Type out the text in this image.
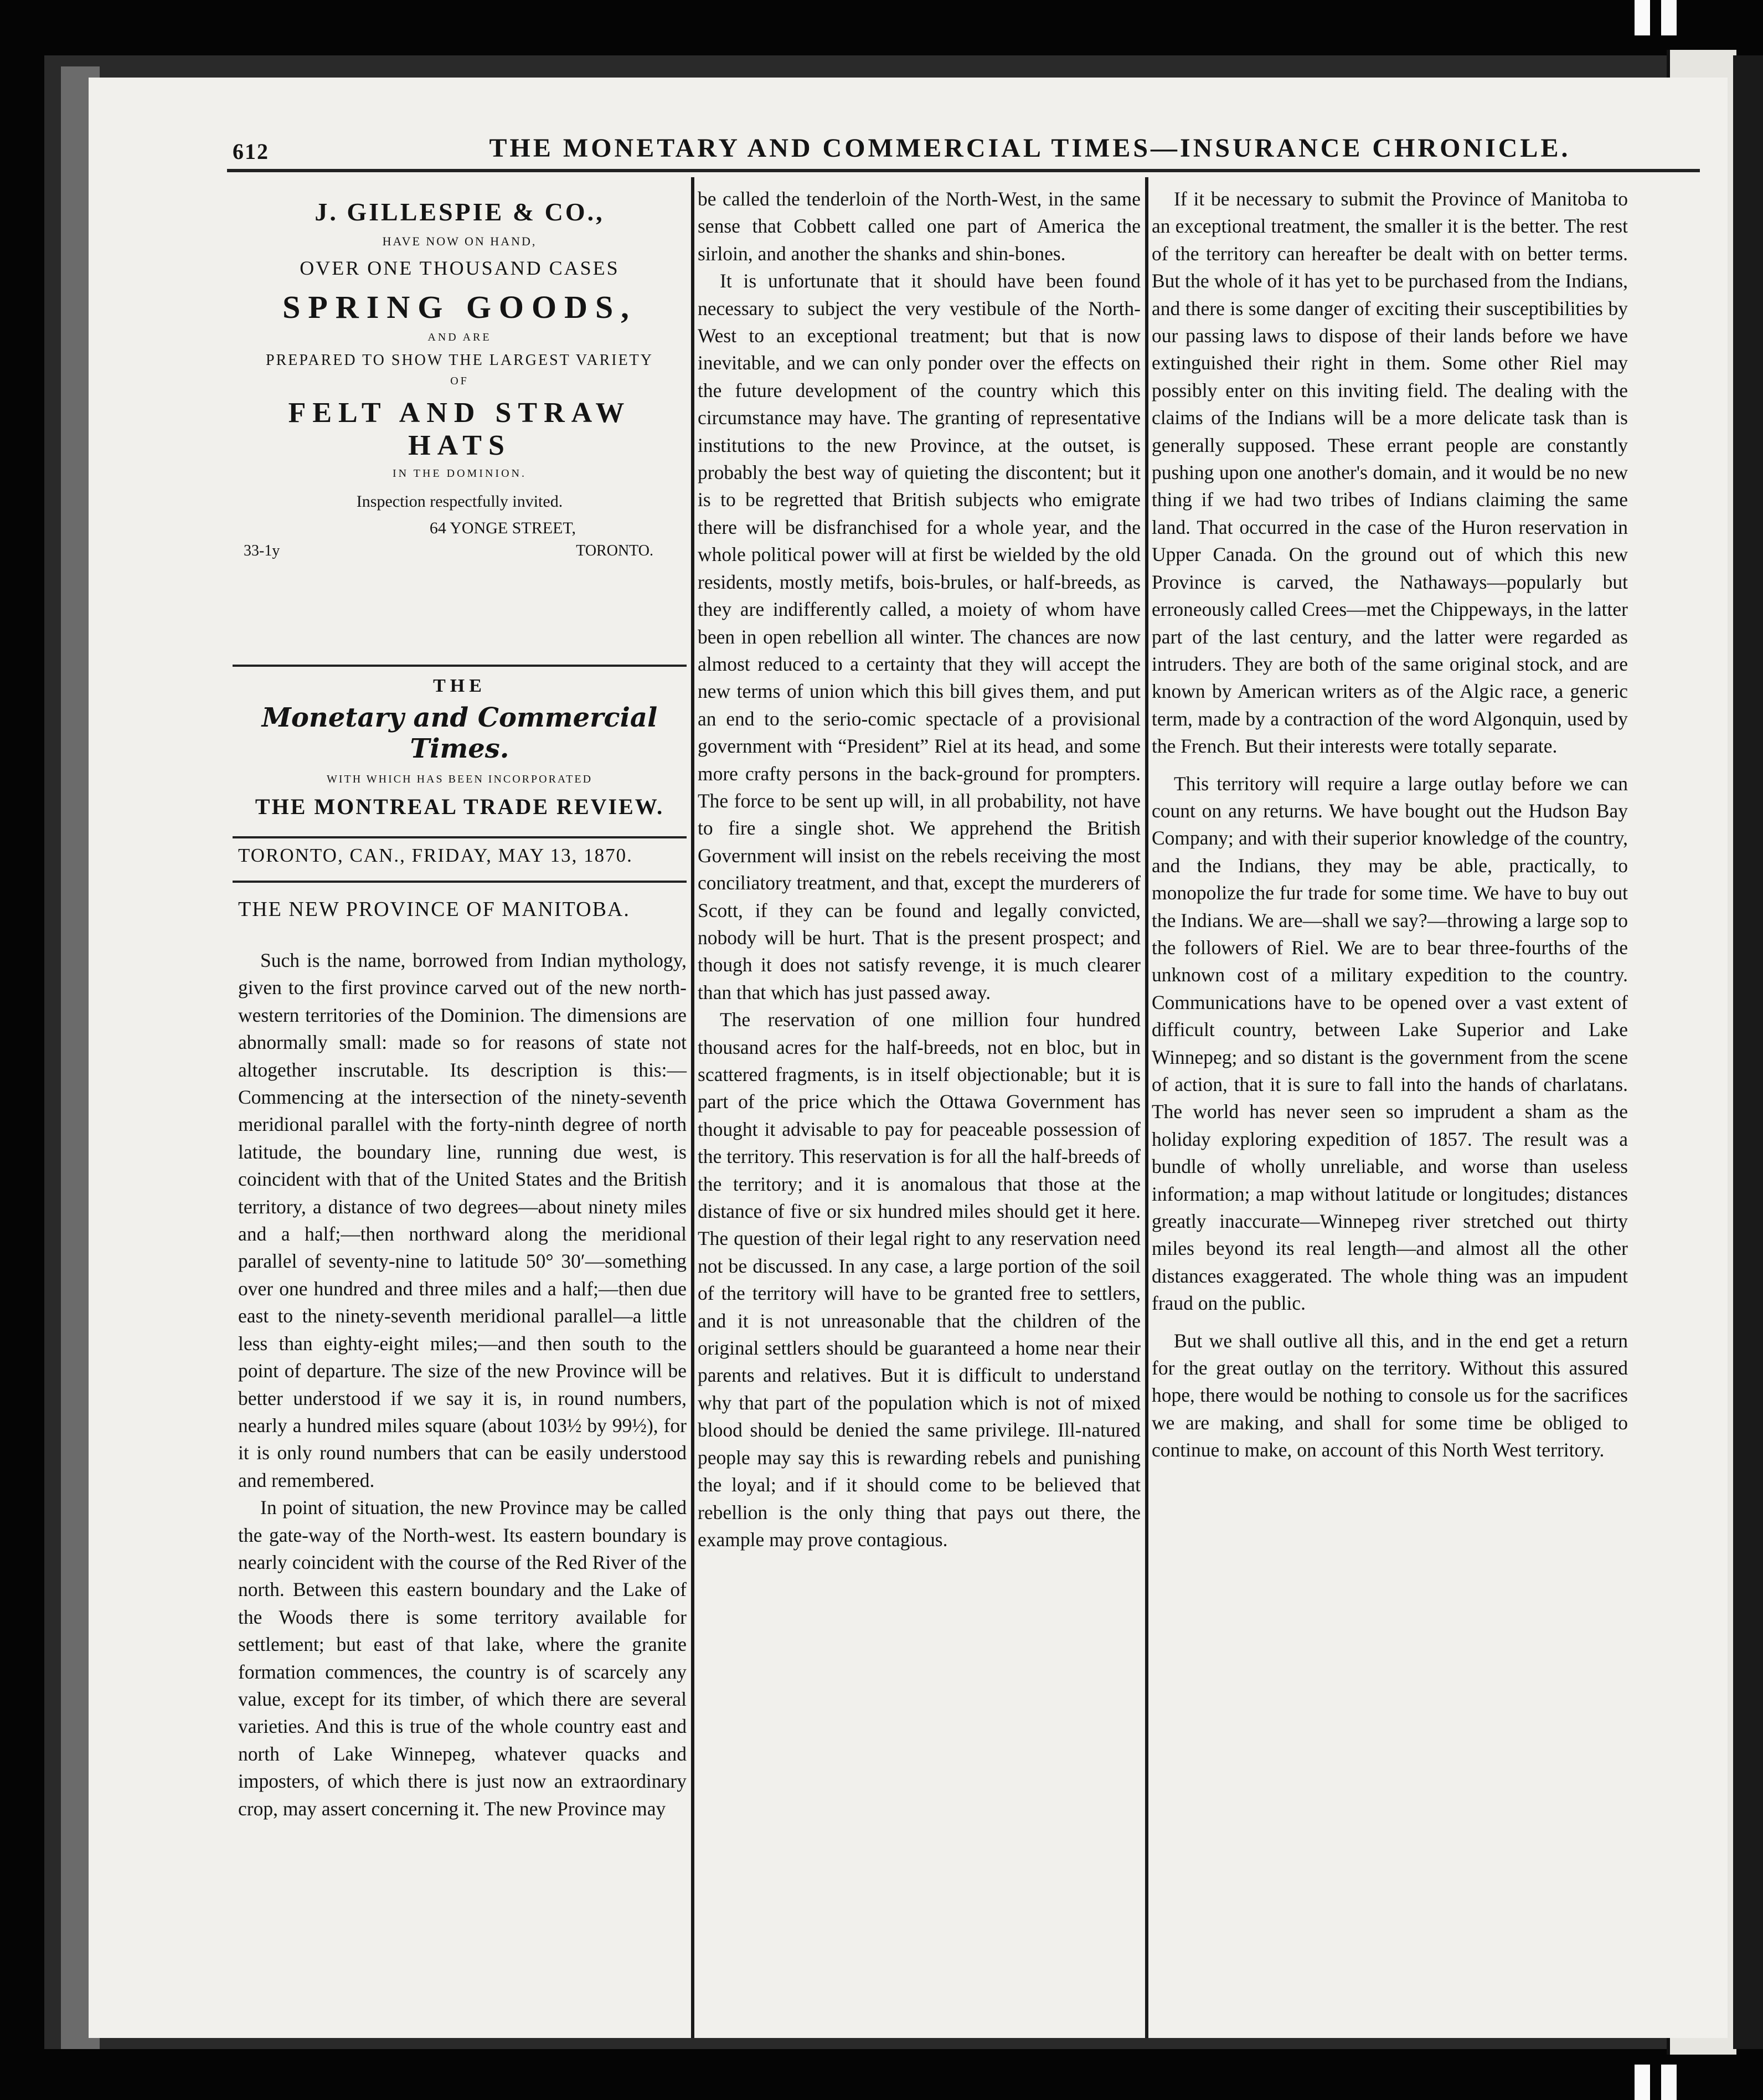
612	THE MONETARY AND COMMERCIAL TIMES—INSURANCE CHRONICLE.
J. GILLESPIE & CO.,
HAVE NOW ON HAND,
OVER ONE THOUSAND CASES
SPRING GOODS,
AND ARE
PREPARED TO SHOW THE LARGEST VARIETY
OF
FELT AND STRAW HATS
IN THE DOMINION.
Inspection respectfully invited.
64 YONGE STREET,
33-1y	TORONTO.
THE
Monetary and Commercial Times.
WITH WHICH HAS BEEN INCORPORATED
THE MONTREAL TRADE REVIEW.
TORONTO, CAN., FRIDAY, MAY 13, 1870.
THE NEW PROVINCE OF MANITOBA.

Such is the name, borrowed from Indian mythology, given to the first province carved out of the new north-western territories of the Dominion. The dimensions are abnormally small: made so for reasons of state not altogether inscrutable. Its description is this:—Commencing at the intersection of the ninety-seventh meridional parallel with the forty-ninth degree of north latitude, the boundary line, running due west, is coincident with that of the United States and the British territory, a distance of two degrees—about ninety miles and a half;—then northward along the meridional parallel of seventy-nine to latitude 50° 30′—something over one hundred and three miles and a half;—then due east to the ninety-seventh meridional parallel—a little less than eighty-eight miles;—and then south to the point of departure. The size of the new Province will be better understood if we say it is, in round numbers, nearly a hundred miles square (about 103½ by 99½), for it is only round numbers that can be easily understood and remembered.

In point of situation, the new Province may be called the gate-way of the North-west. Its eastern boundary is nearly coincident with the course of the Red River of the north. Between this eastern boundary and the Lake of the Woods there is some territory available for settlement; but east of that lake, where the granite formation commences, the country is of scarcely any value, except for its timber, of which there are several varieties. And this is true of the whole country east and north of Lake Winnepeg, whatever quacks and imposters, of which there is just now an extraordinary crop, may assert concerning it. The new Province may

be called the tenderloin of the North-West, in the same sense that Cobbett called one part of America the sirloin, and another the shanks and shin-bones.

It is unfortunate that it should have been found necessary to subject the very vestibule of the North-West to an exceptional treatment; but that is now inevitable, and we can only ponder over the effects on the future development of the country which this circumstance may have. The granting of representative institutions to the new Province, at the outset, is probably the best way of quieting the discontent; but it is to be regretted that British subjects who emigrate there will be disfranchised for a whole year, and the whole political power will at first be wielded by the old residents, mostly metifs, bois-brules, or half-breeds, as they are indifferently called, a moiety of whom have been in open rebellion all winter. The chances are now almost reduced to a certainty that they will accept the new terms of union which this bill gives them, and put an end to the serio-comic spectacle of a provisional government with “President” Riel at its head, and some more crafty persons in the back-ground for prompters. The force to be sent up will, in all probability, not have to fire a single shot. We apprehend the British Government will insist on the rebels receiving the most conciliatory treatment, and that, except the murderers of Scott, if they can be found and legally convicted, nobody will be hurt. That is the present prospect; and though it does not satisfy revenge, it is much clearer than that which has just passed away.

The reservation of one million four hundred thousand acres for the half-breeds, not en bloc, but in scattered fragments, is in itself objectionable; but it is part of the price which the Ottawa Government has thought it advisable to pay for peaceable possession of the territory. This reservation is for all the half-breeds of the territory; and it is anomalous that those at the distance of five or six hundred miles should get it here. The question of their legal right to any reservation need not be discussed. In any case, a large portion of the soil of the territory will have to be granted free to settlers, and it is not unreasonable that the children of the original settlers should be guaranteed a home near their parents and relatives. But it is difficult to understand why that part of the population which is not of mixed blood should be denied the same privilege. Ill-natured people may say this is rewarding rebels and punishing the loyal; and if it should come to be believed that rebellion is the only thing that pays out there, the example may prove contagious.

If it be necessary to submit the Province of Manitoba to an exceptional treatment, the smaller it is the better. The rest of the territory can hereafter be dealt with on better terms. But the whole of it has yet to be purchased from the Indians, and there is some danger of exciting their susceptibilities by our passing laws to dispose of their lands before we have extinguished their right in them. Some other Riel may possibly enter on this inviting field. The dealing with the claims of the Indians will be a more delicate task than is generally supposed. These errant people are constantly pushing upon one another's domain, and it would be no new thing if we had two tribes of Indians claiming the same land. That occurred in the case of the Huron reservation in Upper Canada. On the ground out of which this new Province is carved, the Nathaways—popularly but erroneously called Crees—met the Chippeways, in the latter part of the last century, and the latter were regarded as intruders. They are both of the same original stock, and are known by American writers as of the Algic race, a generic term, made by a contraction of the word Algonquin, used by the French. But their interests were totally separate.

This territory will require a large outlay before we can count on any returns. We have bought out the Hudson Bay Company; and with their superior knowledge of the country, and the Indians, they may be able, practically, to monopolize the fur trade for some time. We have to buy out the Indians. We are—shall we say?—throwing a large sop to the followers of Riel. We are to bear three-fourths of the unknown cost of a military expedition to the country. Communications have to be opened over a vast extent of difficult country, between Lake Superior and Lake Winnepeg; and so distant is the government from the scene of action, that it is sure to fall into the hands of charlatans. The world has never seen so imprudent a sham as the holiday exploring expedition of 1857. The result was a bundle of wholly unreliable, and worse than useless information; a map without latitude or longitudes; distances greatly inaccurate—Winnepeg river stretched out thirty miles beyond its real length—and almost all the other distances exaggerated. The whole thing was an impudent fraud on the public.

But we shall outlive all this, and in the end get a return for the great outlay on the territory. Without this assured hope, there would be nothing to console us for the sacrifices we are making, and shall for some time be obliged to continue to make, on account of this North West territory.
